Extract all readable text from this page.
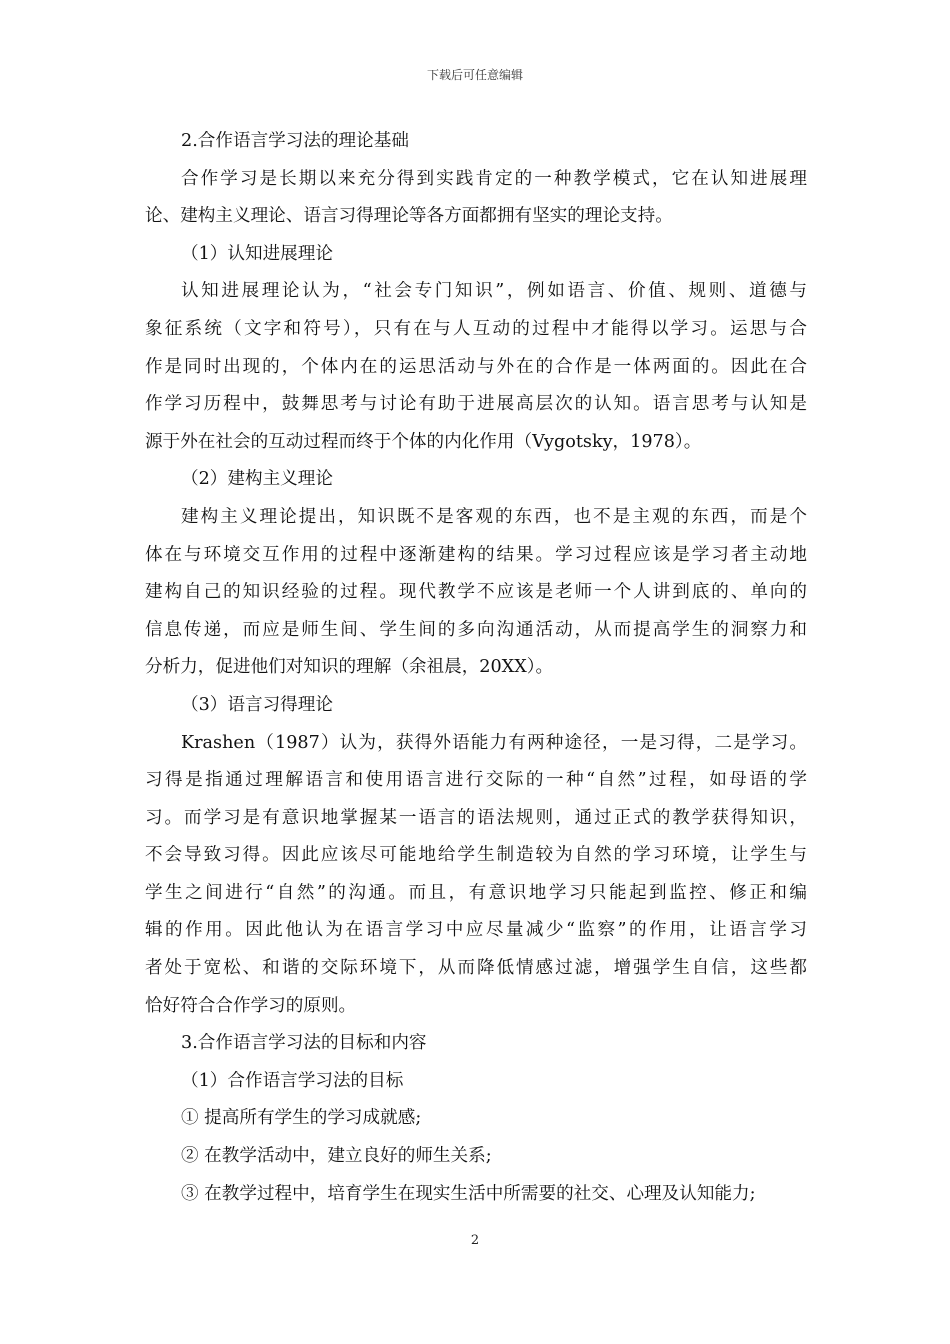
下载后可任意编辑
2.合作语言学习法的理论基础
合作学习是长期以来充分得到实践肯定的一种教学模式，它在认知进展理
论、建构主义理论、语言习得理论等各方面都拥有坚实的理论支持。
（1）认知进展理论
认知进展理论认为，“社会专门知识”，例如语言、价值、规则、道德与
象征系统（文字和符号），只有在与人互动的过程中才能得以学习。运思与合
作是同时出现的，个体内在的运思活动与外在的合作是一体两面的。因此在合
作学习历程中，鼓舞思考与讨论有助于进展高层次的认知。语言思考与认知是
源于外在社会的互动过程而终于个体的内化作用（Vygotsky，1978）。
（2）建构主义理论
建构主义理论提出，知识既不是客观的东西，也不是主观的东西，而是个
体在与环境交互作用的过程中逐渐建构的结果。学习过程应该是学习者主动地
建构自己的知识经验的过程。现代教学不应该是老师一个人讲到底的、单向的
信息传递，而应是师生间、学生间的多向沟通活动，从而提高学生的洞察力和
分析力，促进他们对知识的理解（余祖晨，20XX）。
（3）语言习得理论
Krashen（1987）认为，获得外语能力有两种途径，一是习得，二是学习。
习得是指通过理解语言和使用语言进行交际的一种“自然”过程，如母语的学
习。而学习是有意识地掌握某一语言的语法规则，通过正式的教学获得知识，
不会导致习得。因此应该尽可能地给学生制造较为自然的学习环境，让学生与
学生之间进行“自然”的沟通。而且，有意识地学习只能起到监控、修正和编
辑的作用。因此他认为在语言学习中应尽量减少“监察”的作用，让语言学习
者处于宽松、和谐的交际环境下，从而降低情感过滤，增强学生自信，这些都
恰好符合合作学习的原则。
3.合作语言学习法的目标和内容
（1）合作语言学习法的目标
① 提高所有学生的学习成就感;
② 在教学活动中，建立良好的师生关系;
③ 在教学过程中，培育学生在现实生活中所需要的社交、心理及认知能力;
2
